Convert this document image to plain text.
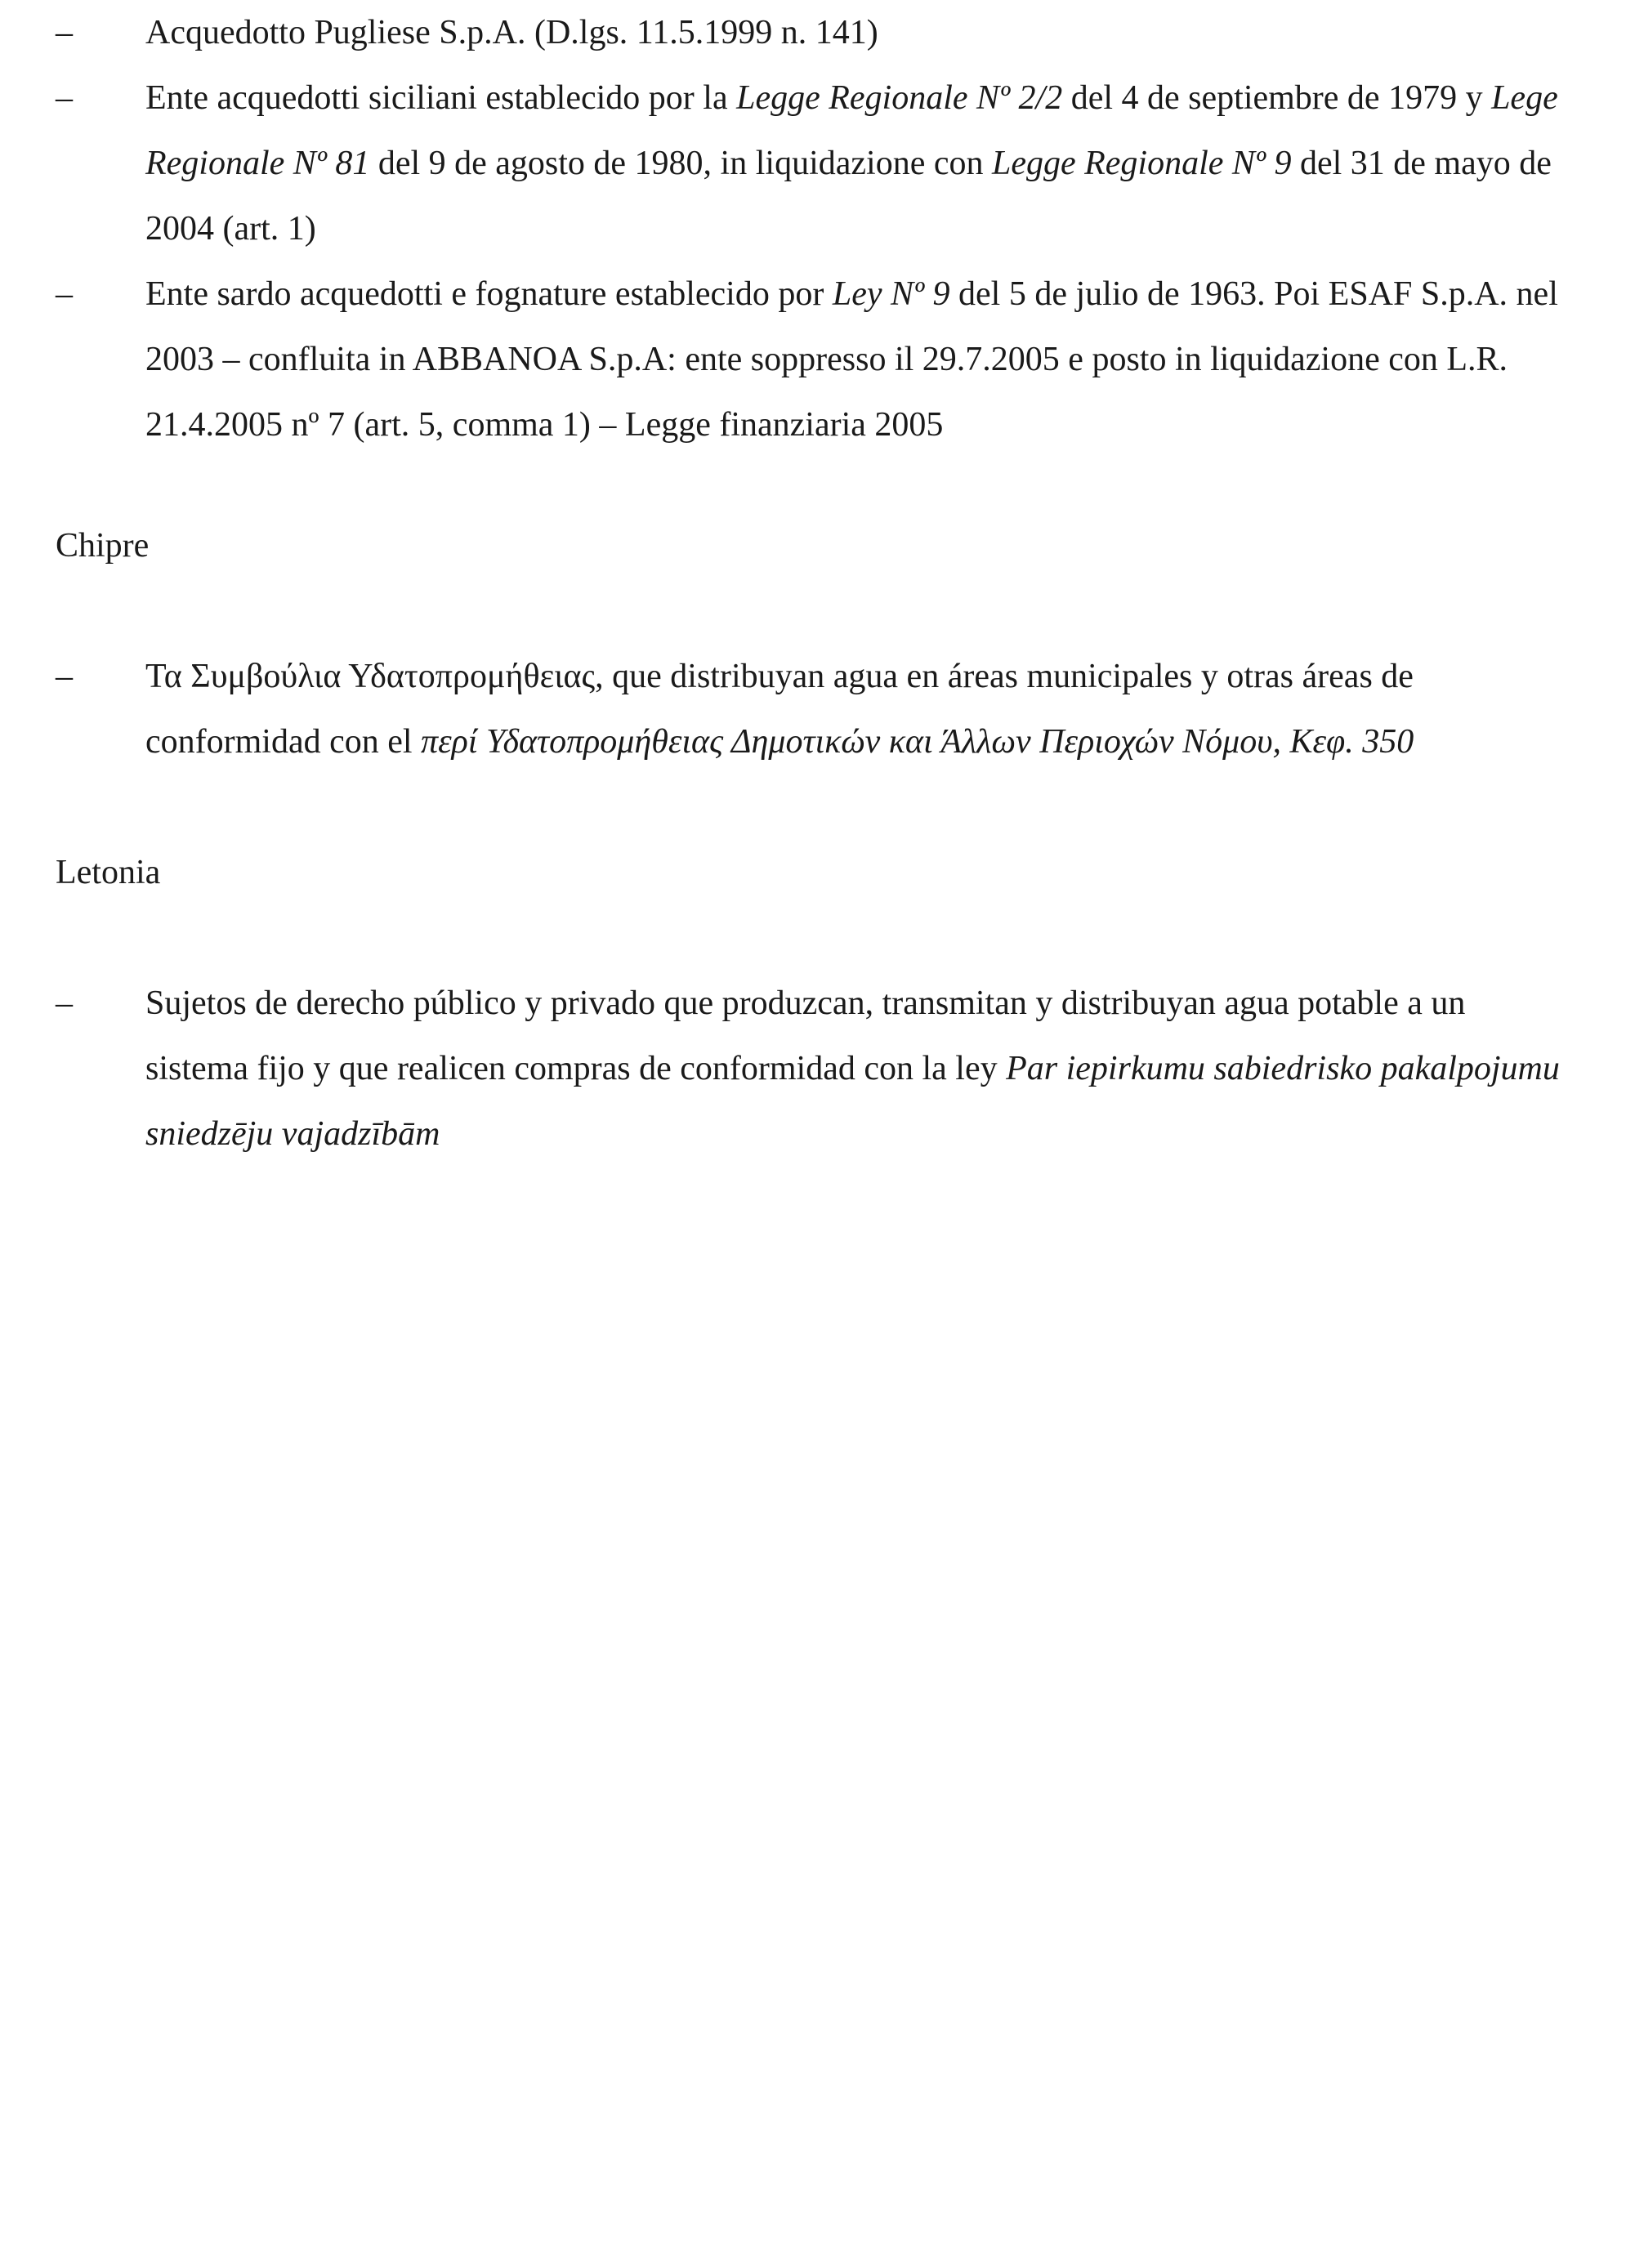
–	Acquedotto Pugliese S.p.A. (D.lgs. 11.5.1999 n. 141)
–	Ente acquedotti siciliani establecido por la Legge Regionale Nº 2/2 del 4 de septiembre de 1979 y Lege Regionale Nº 81 del 9 de agosto de 1980, in liquidazione con Legge Regionale Nº 9 del 31 de mayo de 2004 (art. 1)
–	Ente sardo acquedotti e fognature establecido por Ley Nº 9 del 5 de julio de 1963. Poi ESAF S.p.A. nel 2003 – confluita in ABBANOA S.p.A: ente soppresso il 29.7.2005 e posto in liquidazione con L.R. 21.4.2005 nº 7 (art. 5, comma 1) – Legge finanziaria 2005
Chipre
–	Τα Συμβούλια Υδατοπρομήθειας, que distribuyan agua en áreas municipales y otras áreas de conformidad con el περί Υδατοπρομήθειας Δημοτικών και Άλλων Περιοχών Νόμου, Κεφ. 350
Letonia
–	Sujetos de derecho público y privado que produzcan, transmitan y distribuyan agua potable a un sistema fijo y que realicen compras de conformidad con la ley Par iepirkumu sabiedrisko pakalpojumu sniedzēju vajadzībām
